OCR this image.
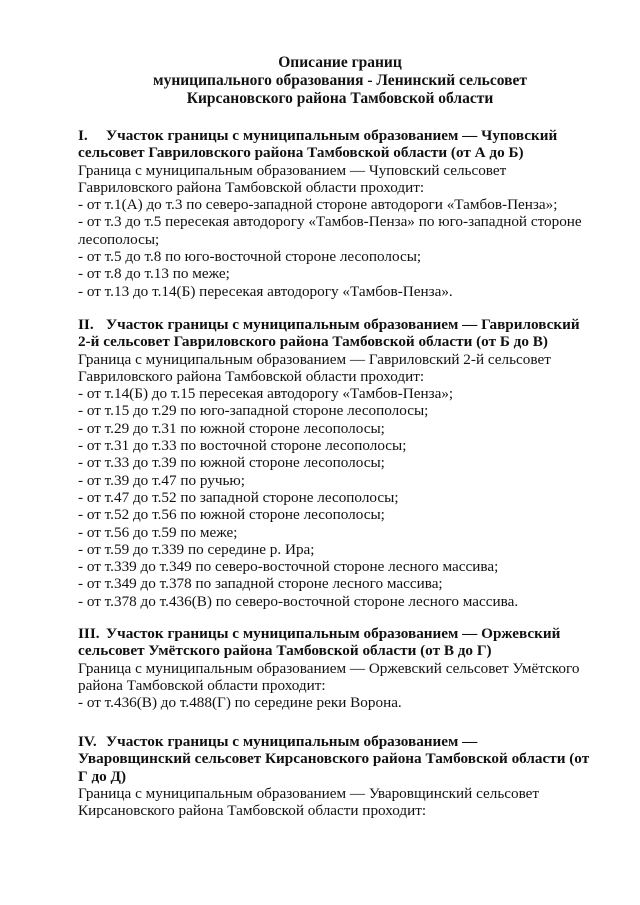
Описание границ
муниципального образования - Ленинский сельсовет
Кирсановского района Тамбовской области
I. Участок границы с муниципальным образованием — Чуповский
сельсовет Гавриловского района Тамбовской области (от А до Б)
Граница с муниципальным образованием — Чуповский сельсовет
Гавриловского района Тамбовской области проходит:
- от т.1(А) до т.3 по северо-западной стороне автодороги «Тамбов-Пенза»;
- от т.3 до т.5 пересекая автодорогу «Тамбов-Пенза» по юго-западной стороне
лесополосы;
- от т.5 до т.8 по юго-восточной стороне лесополосы;
- от т.8 до т.13 по меже;
- от т.13 до т.14(Б) пересекая автодорогу «Тамбов-Пенза».
II. Участок границы с муниципальным образованием — Гавриловский
2-й сельсовет Гавриловского района Тамбовской области (от Б до В)
Граница с муниципальным образованием — Гавриловский 2-й сельсовет
Гавриловского района Тамбовской области проходит:
- от т.14(Б) до т.15 пересекая автодорогу «Тамбов-Пенза»;
- от т.15 до т.29 по юго-западной стороне лесополосы;
- от т.29 до т.31 по южной стороне лесополосы;
- от т.31 до т.33 по восточной стороне лесополосы;
- от т.33 до т.39 по южной стороне лесополосы;
- от т.39 до т.47 по ручью;
- от т.47 до т.52 по западной стороне лесополосы;
- от т.52 до т.56 по южной стороне лесополосы;
- от т.56 до т.59 по меже;
- от т.59 до т.339 по середине р. Ира;
- от т.339 до т.349 по северо-восточной стороне лесного массива;
- от т.349 до т.378 по западной стороне лесного массива;
- от т.378 до т.436(В) по северо-восточной стороне лесного массива.
III. Участок границы с муниципальным образованием — Оржевский
сельсовет Умётского района Тамбовской области (от В до Г)
Граница с муниципальным образованием — Оржевский сельсовет Умётского
района Тамбовской области проходит:
- от т.436(В) до т.488(Г) по середине реки Ворона.
IV. Участок границы с муниципальным образованием —
Уваровщинский сельсовет Кирсановского района Тамбовской области (от
Г до Д)
Граница с муниципальным образованием — Уваровщинский сельсовет
Кирсановского района Тамбовской области проходит:
